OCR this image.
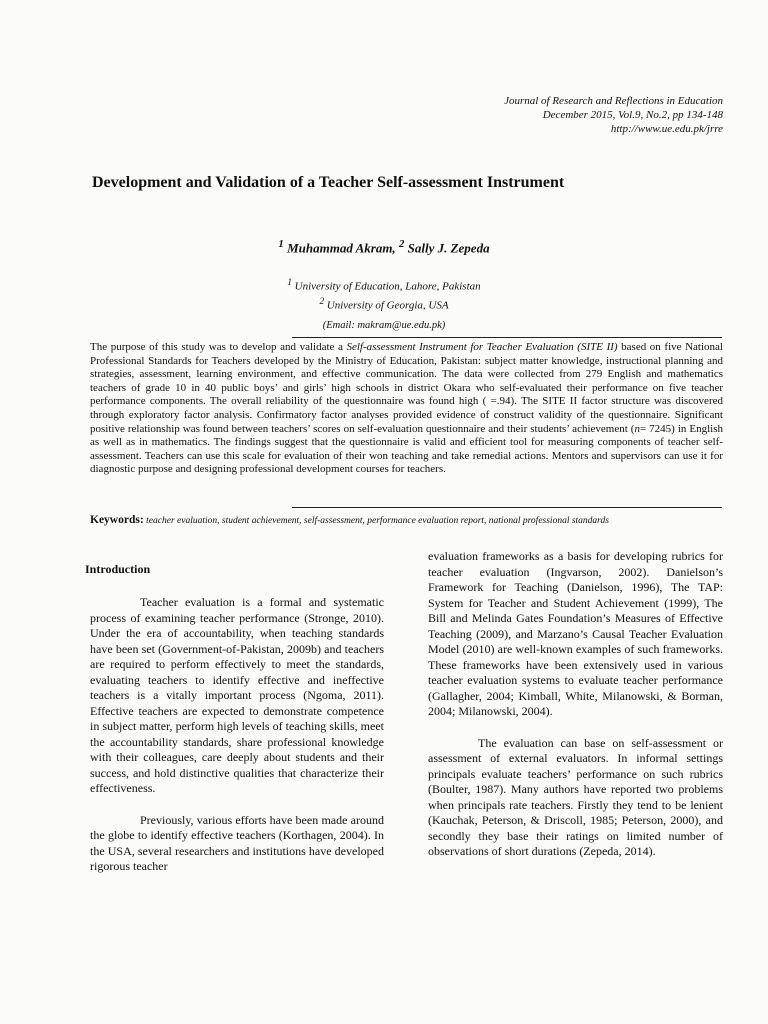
Journal of Research and Reflections in Education
December 2015, Vol.9, No.2, pp 134-148
http://www.ue.edu.pk/jrre
Development and Validation of a Teacher Self-assessment Instrument
$^1$ Muhammad Akram, $^2$ Sally J. Zepeda
$^1$ University of Education, Lahore, Pakistan
$^2$ University of Georgia, USA
(Email: makram@ue.edu.pk)
The purpose of this study was to develop and validate a Self-assessment Instrument for Teacher Evaluation (SITE II) based on five National Professional Standards for Teachers developed by the Ministry of Education, Pakistan: subject matter knowledge, instructional planning and strategies, assessment, learning environment, and effective communication. The data were collected from 279 English and mathematics teachers of grade 10 in 40 public boys’ and girls’ high schools in district Okara who self-evaluated their performance on five teacher performance components. The overall reliability of the questionnaire was found high ( =.94). The SITE II factor structure was discovered through exploratory factor analysis. Confirmatory factor analyses provided evidence of construct validity of the questionnaire. Significant positive relationship was found between teachers’ scores on self-evaluation questionnaire and their students’ achievement (n= 7245) in English as well as in mathematics. The findings suggest that the questionnaire is valid and efficient tool for measuring components of teacher self-assessment. Teachers can use this scale for evaluation of their won teaching and take remedial actions. Mentors and supervisors can use it for diagnostic purpose and designing professional development courses for teachers.
Keywords: teacher evaluation, student achievement, self-assessment, performance evaluation report, national professional standards
Introduction

Teacher evaluation is a formal and systematic process of examining teacher performance (Stronge, 2010). Under the era of accountability, when teaching standards have been set (Government-of-Pakistan, 2009b) and teachers are required to perform effectively to meet the standards, evaluating teachers to identify effective and ineffective teachers is a vitally important process (Ngoma, 2011). Effective teachers are expected to demonstrate competence in subject matter, perform high levels of teaching skills, meet the accountability standards, share professional knowledge with their colleagues, care deeply about students and their success, and hold distinctive qualities that characterize their effectiveness.

Previously, various efforts have been made around the globe to identify effective teachers (Korthagen, 2004). In the USA, several researchers and institutions have developed rigorous teacher

evaluation frameworks as a basis for developing rubrics for teacher evaluation (Ingvarson, 2002). Danielson’s Framework for Teaching (Danielson, 1996), The TAP: System for Teacher and Student Achievement (1999), The Bill and Melinda Gates Foundation’s Measures of Effective Teaching (2009), and Marzano’s Causal Teacher Evaluation Model (2010) are well-known examples of such frameworks. These frameworks have been extensively used in various teacher evaluation systems to evaluate teacher performance (Gallagher, 2004; Kimball, White, Milanowski, & Borman, 2004; Milanowski, 2004).

The evaluation can base on self-assessment or assessment of external evaluators. In informal settings principals evaluate teachers’ performance on such rubrics (Boulter, 1987). Many authors have reported two problems when principals rate teachers. Firstly they tend to be lenient (Kauchak, Peterson, & Driscoll, 1985; Peterson, 2000), and secondly they base their ratings on limited number of observations of short durations (Zepeda, 2014).
